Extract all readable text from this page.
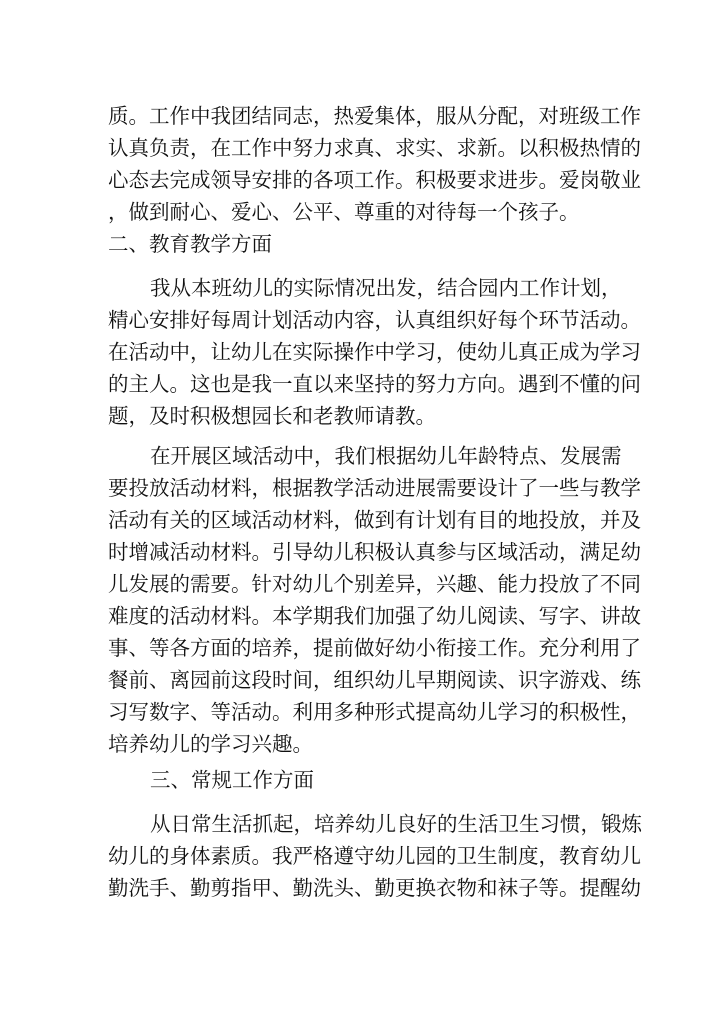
质。工作中我团结同志，热爱集体，服从分配，对班级工作
认真负责，在工作中努力求真、求实、求新。以积极热情的
心态去完成领导安排的各项工作。积极要求进步。爱岗敬业
，做到耐心、爱心、公平、尊重的对待每一个孩子。
二、教育教学方面
我从本班幼儿的实际情况出发，结合园内工作计划，
精心安排好每周计划活动内容，认真组织好每个环节活动。
在活动中，让幼儿在实际操作中学习，使幼儿真正成为学习
的主人。这也是我一直以来坚持的努力方向。遇到不懂的问
题，及时积极想园长和老教师请教。
在开展区域活动中，我们根据幼儿年龄特点、发展需
要投放活动材料，根据教学活动进展需要设计了一些与教学
活动有关的区域活动材料，做到有计划有目的地投放，并及
时增减活动材料。引导幼儿积极认真参与区域活动，满足幼
儿发展的需要。针对幼儿个别差异，兴趣、能力投放了不同
难度的活动材料。本学期我们加强了幼儿阅读、写字、讲故
事、等各方面的培养，提前做好幼小衔接工作。充分利用了
餐前、离园前这段时间，组织幼儿早期阅读、识字游戏、练
习写数字、等活动。利用多种形式提高幼儿学习的积极性，
培养幼儿的学习兴趣。
三、常规工作方面
从日常生活抓起，培养幼儿良好的生活卫生习惯，锻炼
幼儿的身体素质。我严格遵守幼儿园的卫生制度，教育幼儿
勤洗手、勤剪指甲、勤洗头、勤更换衣物和袜子等。提醒幼
